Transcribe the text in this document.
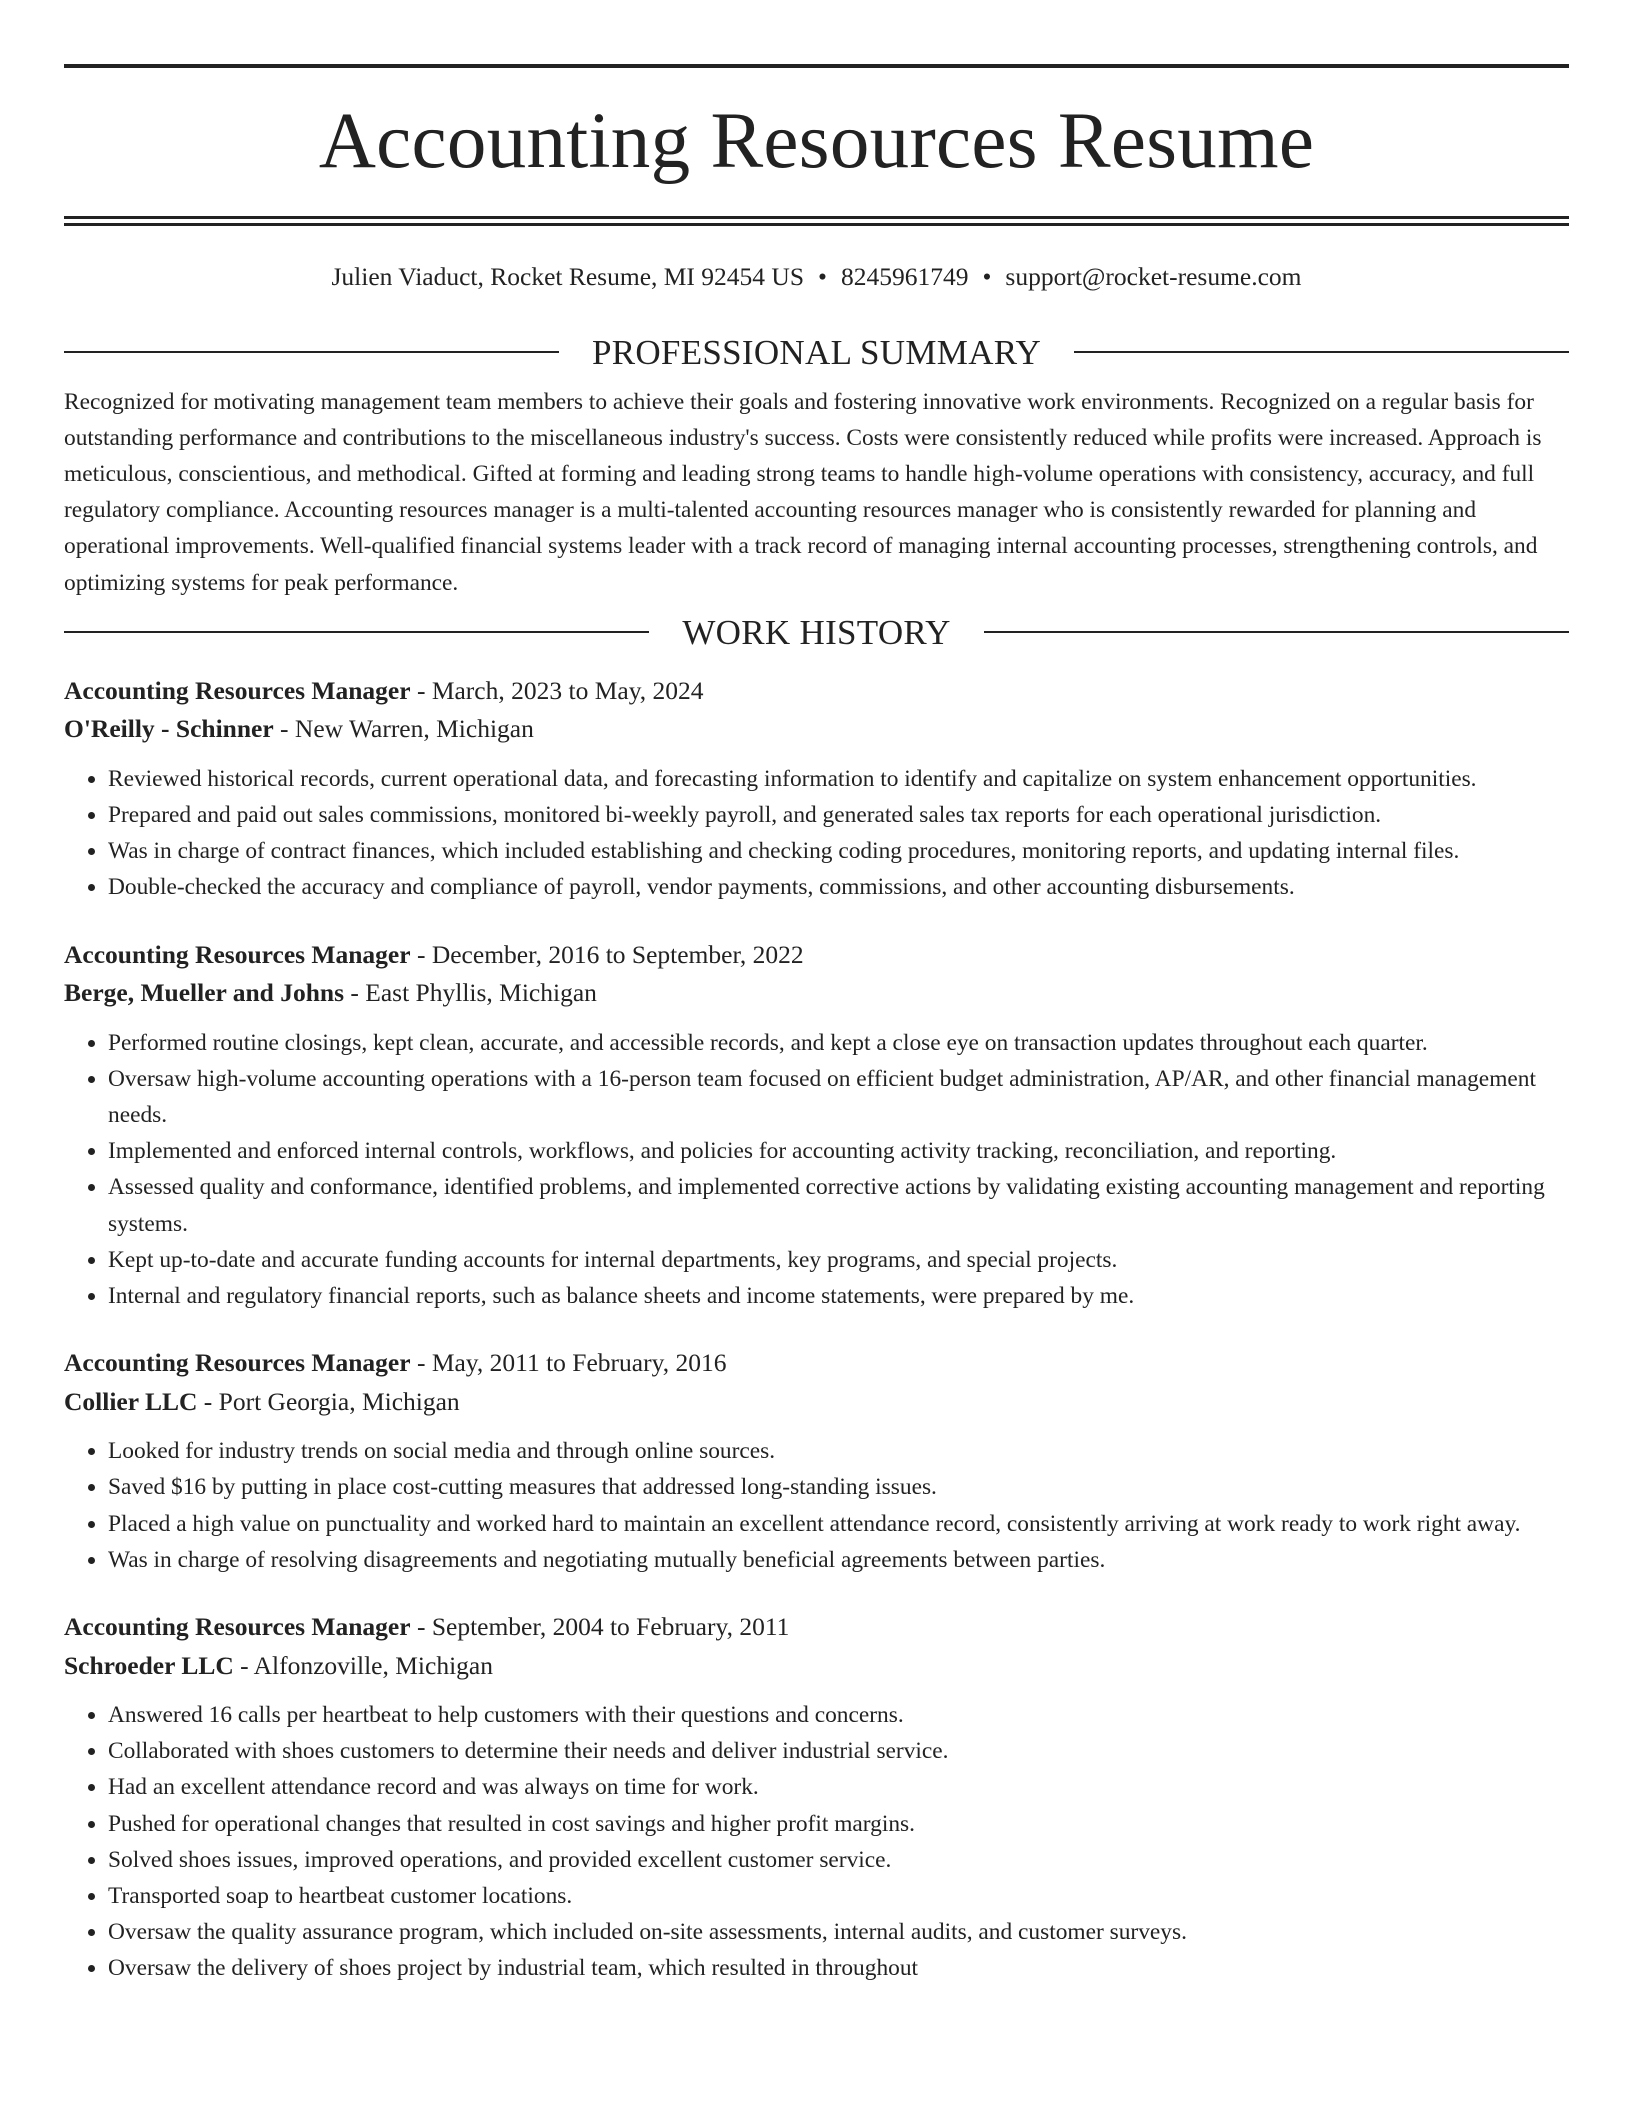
Accounting Resources Resume
Julien Viaduct, Rocket Resume, MI 92454 US • 8245961749 • support@rocket-resume.com
PROFESSIONAL SUMMARY
Recognized for motivating management team members to achieve their goals and fostering innovative work environments. Recognized on a regular basis for outstanding performance and contributions to the miscellaneous industry's success. Costs were consistently reduced while profits were increased. Approach is meticulous, conscientious, and methodical. Gifted at forming and leading strong teams to handle high-volume operations with consistency, accuracy, and full regulatory compliance. Accounting resources manager is a multi-talented accounting resources manager who is consistently rewarded for planning and operational improvements. Well-qualified financial systems leader with a track record of managing internal accounting processes, strengthening controls, and optimizing systems for peak performance.
WORK HISTORY
Accounting Resources Manager - March, 2023 to May, 2024
O'Reilly - Schinner - New Warren, Michigan
• Reviewed historical records, current operational data, and forecasting information to identify and capitalize on system enhancement opportunities.
• Prepared and paid out sales commissions, monitored bi-weekly payroll, and generated sales tax reports for each operational jurisdiction.
• Was in charge of contract finances, which included establishing and checking coding procedures, monitoring reports, and updating internal files.
• Double-checked the accuracy and compliance of payroll, vendor payments, commissions, and other accounting disbursements.
Accounting Resources Manager - December, 2016 to September, 2022
Berge, Mueller and Johns - East Phyllis, Michigan
• Performed routine closings, kept clean, accurate, and accessible records, and kept a close eye on transaction updates throughout each quarter.
• Oversaw high-volume accounting operations with a 16-person team focused on efficient budget administration, AP/AR, and other financial management needs.
• Implemented and enforced internal controls, workflows, and policies for accounting activity tracking, reconciliation, and reporting.
• Assessed quality and conformance, identified problems, and implemented corrective actions by validating existing accounting management and reporting systems.
• Kept up-to-date and accurate funding accounts for internal departments, key programs, and special projects.
• Internal and regulatory financial reports, such as balance sheets and income statements, were prepared by me.
Accounting Resources Manager - May, 2011 to February, 2016
Collier LLC - Port Georgia, Michigan
• Looked for industry trends on social media and through online sources.
• Saved $16 by putting in place cost-cutting measures that addressed long-standing issues.
• Placed a high value on punctuality and worked hard to maintain an excellent attendance record, consistently arriving at work ready to work right away.
• Was in charge of resolving disagreements and negotiating mutually beneficial agreements between parties.
Accounting Resources Manager - September, 2004 to February, 2011
Schroeder LLC - Alfonzoville, Michigan
• Answered 16 calls per heartbeat to help customers with their questions and concerns.
• Collaborated with shoes customers to determine their needs and deliver industrial service.
• Had an excellent attendance record and was always on time for work.
• Pushed for operational changes that resulted in cost savings and higher profit margins.
• Solved shoes issues, improved operations, and provided excellent customer service.
• Transported soap to heartbeat customer locations.
• Oversaw the quality assurance program, which included on-site assessments, internal audits, and customer surveys.
• Oversaw the delivery of shoes project by industrial team, which resulted in throughout
